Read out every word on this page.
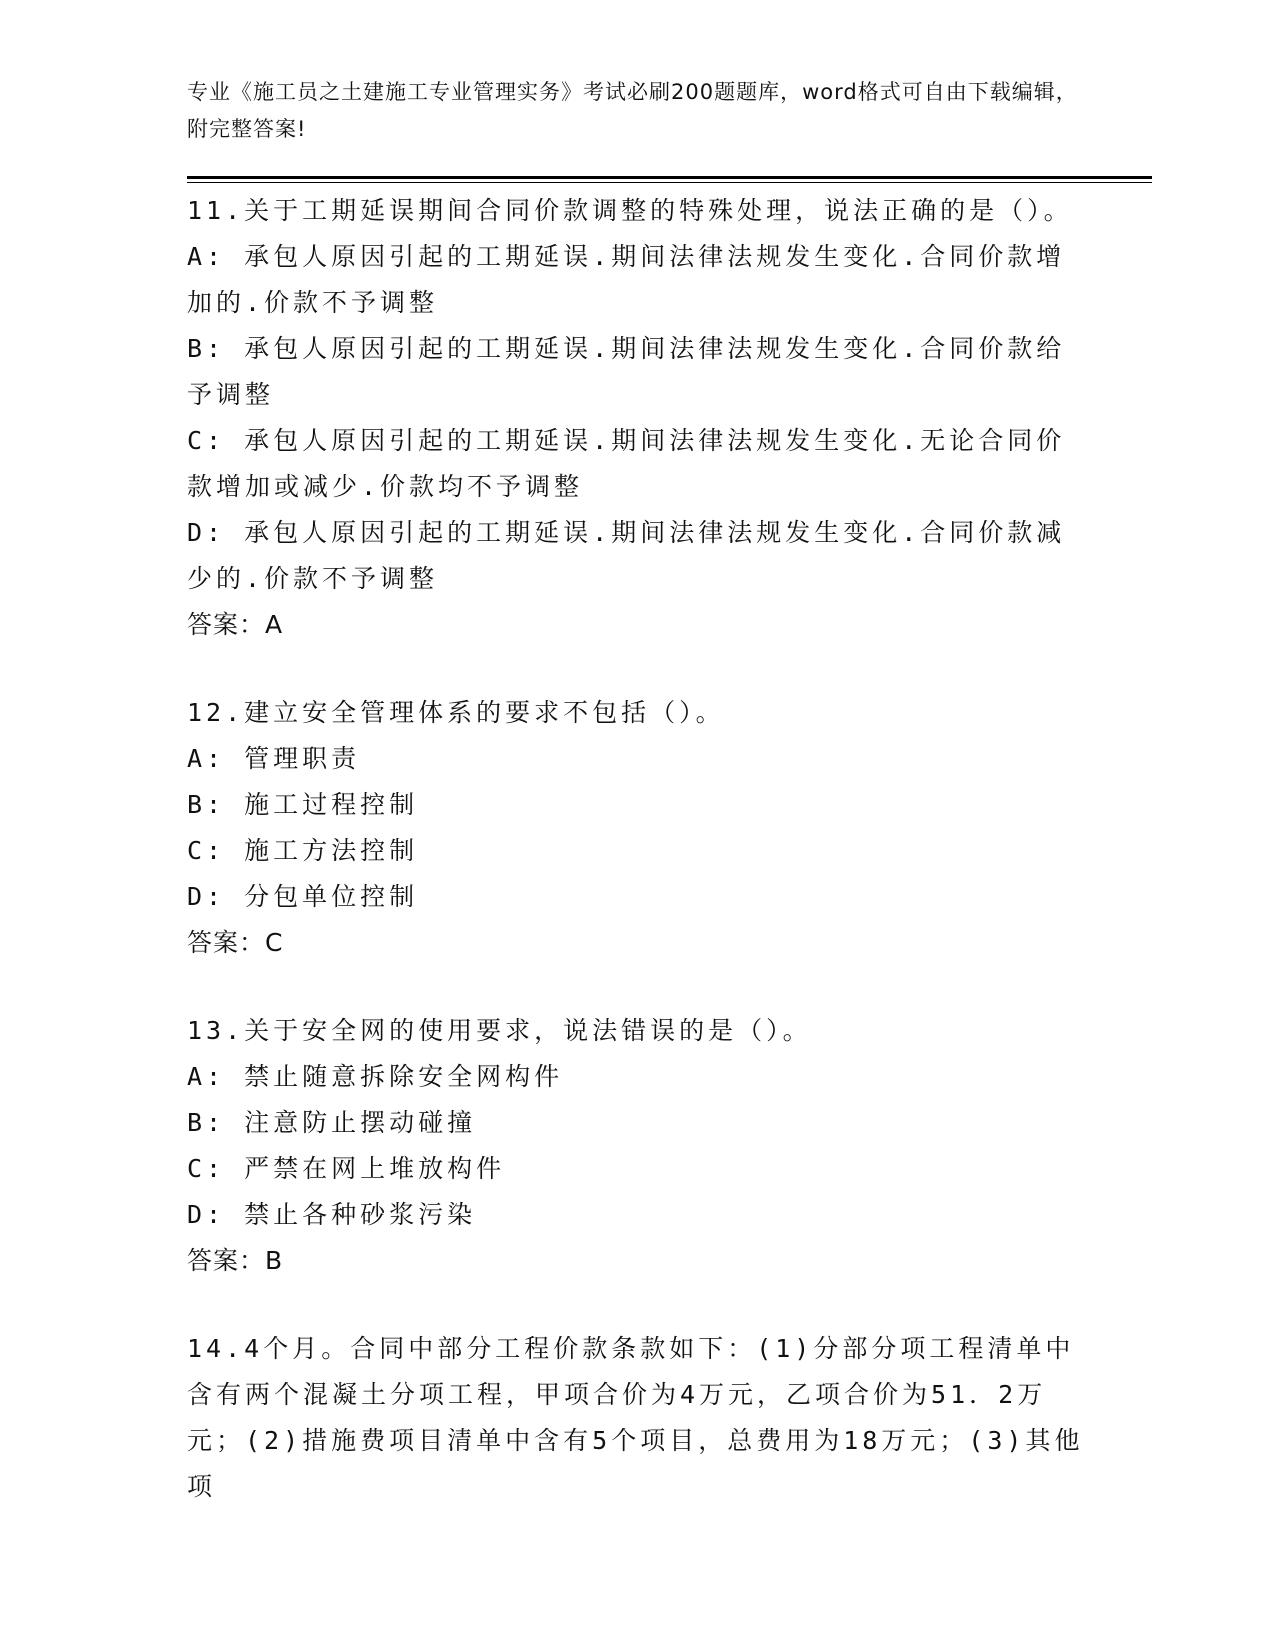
专业《施工员之土建施工专业管理实务》考试必刷200题题库，word格式可自由下载编辑，附完整答案!

11.关于工期延误期间合同价款调整的特殊处理，说法正确的是（）。

A: 承包人原因引起的工期延误.期间法律法规发生变化.合同价款增加的.价款不予调整

B: 承包人原因引起的工期延误.期间法律法规发生变化.合同价款给予调整

C: 承包人原因引起的工期延误.期间法律法规发生变化.无论合同价款增加或减少.价款均不予调整

D: 承包人原因引起的工期延误.期间法律法规发生变化.合同价款减少的.价款不予调整

答案：A

12.建立安全管理体系的要求不包括（）。

A: 管理职责

B: 施工过程控制

C: 施工方法控制

D: 分包单位控制

答案：C

13.关于安全网的使用要求，说法错误的是（）。

A: 禁止随意拆除安全网构件

B: 注意防止摆动碰撞

C: 严禁在网上堆放构件

D: 禁止各种砂浆污染

答案：B

14.4个月。合同中部分工程价款条款如下：(1)分部分项工程清单中含有两个混凝土分项工程，甲项合价为4万元，乙项合价为51．2万元；(2)措施费项目清单中含有5个项目，总费用为18万元；(3)其他项
